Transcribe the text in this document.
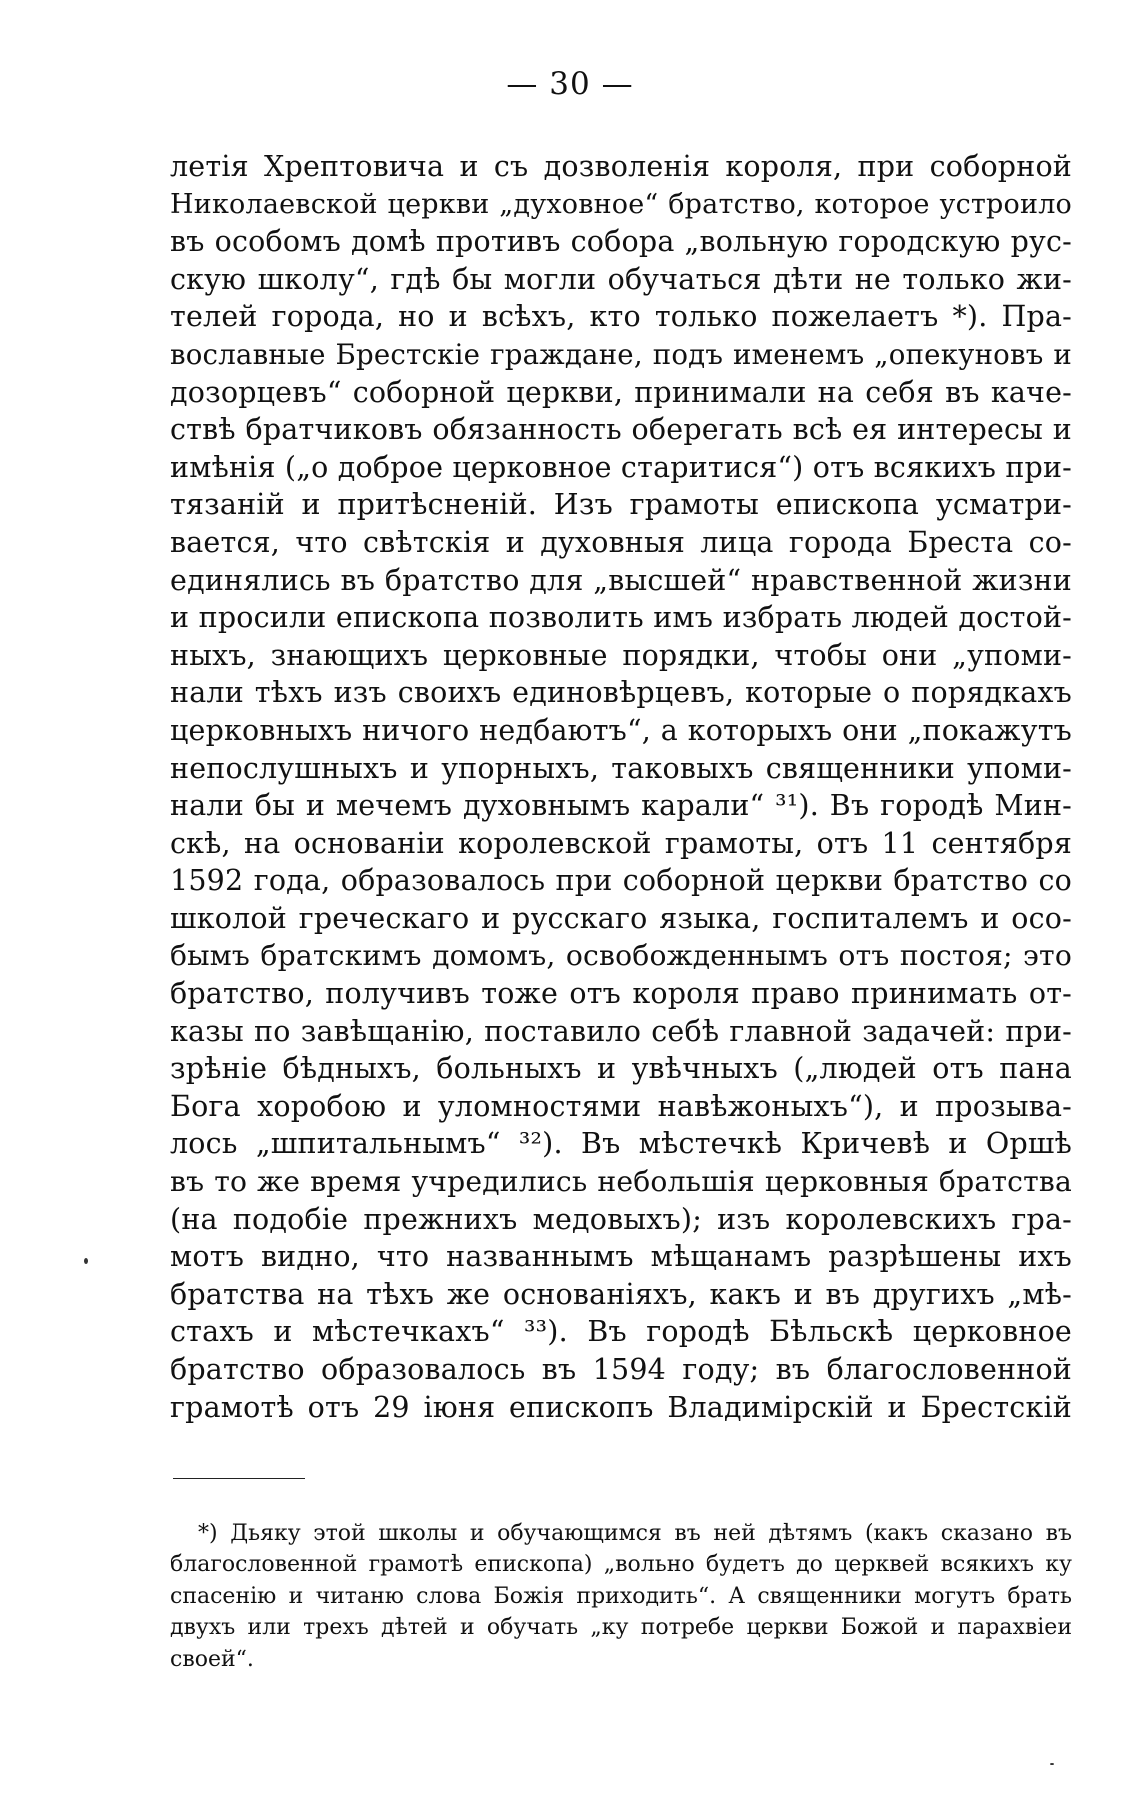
— 30 —
летія Хрептовича и съ дозволенія короля, при соборной
Николаевской церкви „духовное“ братство, которое устроило
въ особомъ домѣ противъ собора „вольную городскую рус-
скую школу“, гдѣ бы могли обучаться дѣти не только жи-
телей города, но и всѣхъ, кто только пожелаетъ *). Пра-
вославные Брестскіе граждане, подъ именемъ „опекуновъ и
дозорцевъ“ соборной церкви, принимали на себя въ каче-
ствѣ братчиковъ обязанность оберегать всѣ ея интересы и
имѣнія („о доброе церковное старитися“) отъ всякихъ при-
тязаній и притѣсненій. Изъ грамоты епископа усматри-
вается, что свѣтскія и духовныя лица города Бреста со-
единялись въ братство для „высшей“ нравственной жизни
и просили епископа позволить имъ избрать людей достой-
ныхъ, знающихъ церковные порядки, чтобы они „упоми-
нали тѣхъ изъ своихъ единовѣрцевъ, которые о порядкахъ
церковныхъ ничого недбаютъ“, а которыхъ они „покажутъ
непослушныхъ и упорныхъ, таковыхъ священники упоми-
нали бы и мечемъ духовнымъ карали“ ³¹). Въ городѣ Мин-
скѣ, на основаніи королевской грамоты, отъ 11 сентября
1592 года, образовалось при соборной церкви братство со
школой греческаго и русскаго языка, госпиталемъ и осо-
бымъ братскимъ домомъ, освобожденнымъ отъ постоя; это
братство, получивъ тоже отъ короля право принимать от-
казы по завѣщанію, поставило себѣ главной задачей: при-
зрѣніе бѣдныхъ, больныхъ и увѣчныхъ („людей отъ пана
Бога хоробою и уломностями навѣжоныхъ“), и прозыва-
лось „шпитальнымъ“ ³²). Въ мѣстечкѣ Кричевѣ и Оршѣ
въ то же время учредились небольшія церковныя братства
(на подобіе прежнихъ медовыхъ); изъ королевскихъ гра-
мотъ видно, что названнымъ мѣщанамъ разрѣшены ихъ
братства на тѣхъ же основаніяхъ, какъ и въ другихъ „мѣ-
стахъ и мѣстечкахъ“ ³³). Въ городѣ Бѣльскѣ церковное
братство образовалось въ 1594 году; въ благословенной
грамотѣ отъ 29 іюня епископъ Владимірскій и Брестскій
*) Дьяку этой школы и обучающимся въ ней дѣтямъ (какъ сказано въ
благословенной грамотѣ епископа) „вольно будетъ до церквей всякихъ ку
спасенію и читаню слова Божія приходить“. А священники могутъ брать
двухъ или трехъ дѣтей и обучать „ку потребе церкви Божой и парахвiеи
своей“.
